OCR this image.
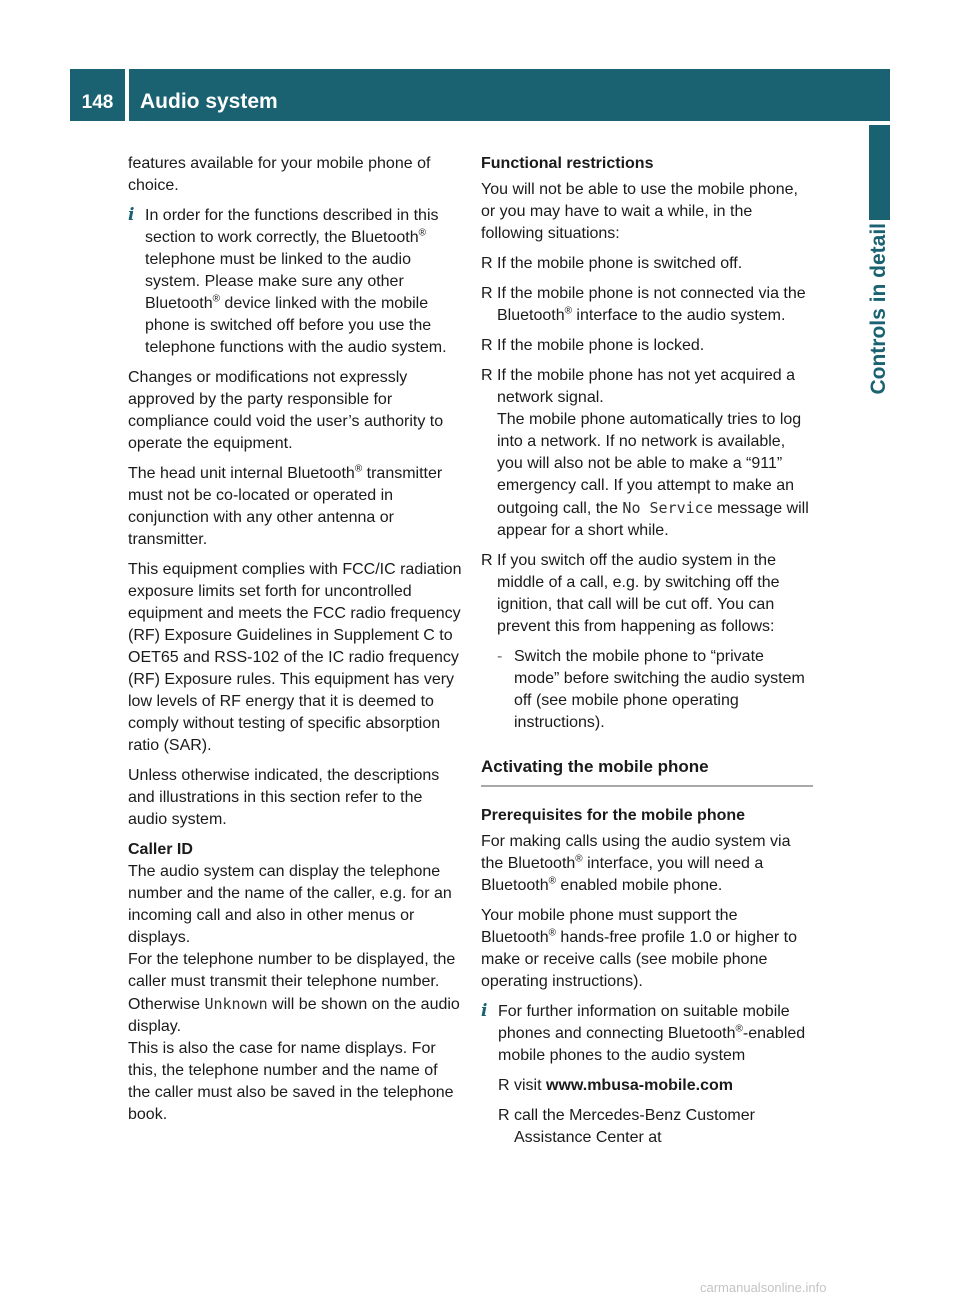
148	Audio system
Controls in detail

features available for your mobile phone of choice.

i In order for the functions described in this section to work correctly, the Bluetooth® telephone must be linked to the audio system. Please make sure any other Bluetooth® device linked with the mobile phone is switched off before you use the telephone functions with the audio system.

Changes or modifications not expressly approved by the party responsible for compliance could void the user’s authority to operate the equipment.

The head unit internal Bluetooth® transmitter must not be co-located or operated in conjunction with any other antenna or transmitter.

This equipment complies with FCC/IC radiation exposure limits set forth for uncontrolled equipment and meets the FCC radio frequency (RF) Exposure Guidelines in Supplement C to OET65 and RSS-102 of the IC radio frequency (RF) Exposure rules. This equipment has very low levels of RF energy that it is deemed to comply without testing of specific absorption ratio (SAR).

Unless otherwise indicated, the descriptions and illustrations in this section refer to the audio system.

Caller ID

The audio system can display the telephone number and the name of the caller, e.g. for an incoming call and also in other menus or displays.

For the telephone number to be displayed, the caller must transmit their telephone number. Otherwise Unknown will be shown on the audio display.

This is also the case for name displays. For this, the telephone number and the name of the caller must also be saved in the telephone book.

Functional restrictions

You will not be able to use the mobile phone, or you may have to wait a while, in the following situations:

R If the mobile phone is switched off.
R If the mobile phone is not connected via the Bluetooth® interface to the audio system.
R If the mobile phone is locked.
R If the mobile phone has not yet acquired a network signal.
The mobile phone automatically tries to log into a network. If no network is available, you will also not be able to make a “911” emergency call. If you attempt to make an outgoing call, the No Service message will appear for a short while.
R If you switch off the audio system in the middle of a call, e.g. by switching off the ignition, that call will be cut off. You can prevent this from happening as follows:
- Switch the mobile phone to “private mode” before switching the audio system off (see mobile phone operating instructions).
Activating the mobile phone

Prerequisites for the mobile phone

For making calls using the audio system via the Bluetooth® interface, you will need a Bluetooth® enabled mobile phone.

Your mobile phone must support the Bluetooth® hands-free profile 1.0 or higher to make or receive calls (see mobile phone operating instructions).

i For further information on suitable mobile phones and connecting Bluetooth®-enabled mobile phones to the audio system
R visit www.mbusa-mobile.com
R call the Mercedes-Benz Customer Assistance Center at
carmanualsonline.info
